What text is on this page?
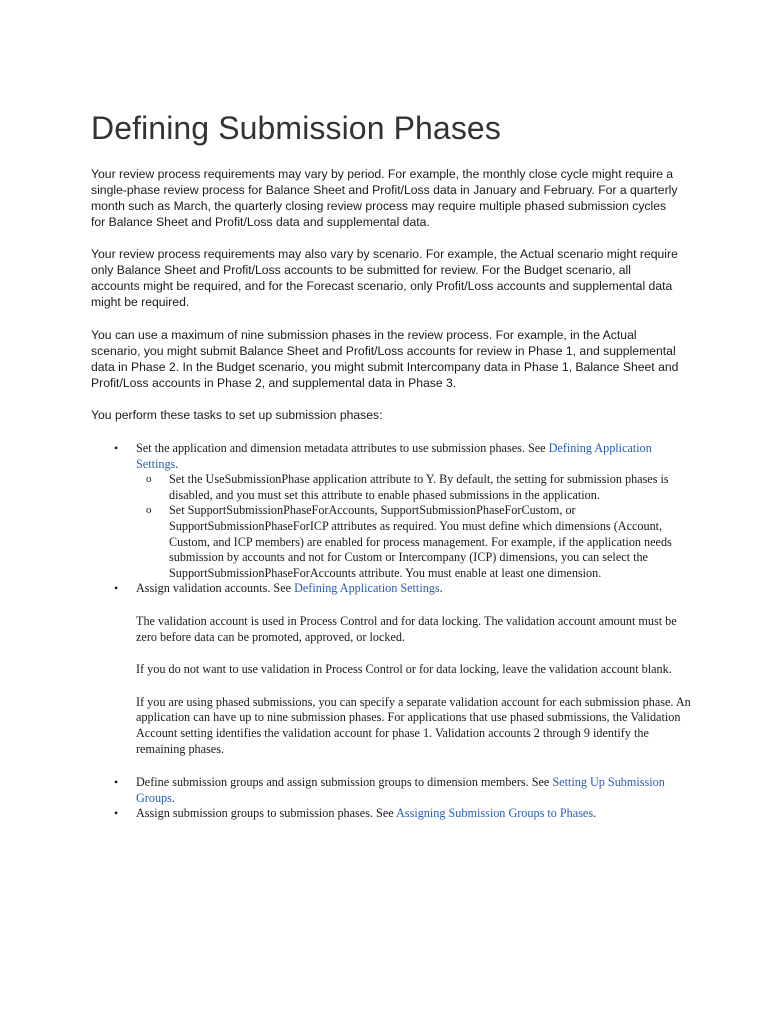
Defining Submission Phases

Your review process requirements may vary by period. For example, the monthly close cycle might require a single-phase review process for Balance Sheet and Profit/Loss data in January and February. For a quarterly month such as March, the quarterly closing review process may require multiple phased submission cycles for Balance Sheet and Profit/Loss data and supplemental data.

Your review process requirements may also vary by scenario. For example, the Actual scenario might require only Balance Sheet and Profit/Loss accounts to be submitted for review. For the Budget scenario, all accounts might be required, and for the Forecast scenario, only Profit/Loss accounts and supplemental data might be required.

You can use a maximum of nine submission phases in the review process. For example, in the Actual scenario, you might submit Balance Sheet and Profit/Loss accounts for review in Phase 1, and supplemental data in Phase 2. In the Budget scenario, you might submit Intercompany data in Phase 1, Balance Sheet and Profit/Loss accounts in Phase 2, and supplemental data in Phase 3.

You perform these tasks to set up submission phases:

• Set the application and dimension metadata attributes to use submission phases. See Defining Application Settings.
o Set the UseSubmissionPhase application attribute to Y. By default, the setting for submission phases is disabled, and you must set this attribute to enable phased submissions in the application.
o Set SupportSubmissionPhaseForAccounts, SupportSubmissionPhaseForCustom, or SupportSubmissionPhaseForICP attributes as required. You must define which dimensions (Account, Custom, and ICP members) are enabled for process management. For example, if the application needs submission by accounts and not for Custom or Intercompany (ICP) dimensions, you can select the SupportSubmissionPhaseForAccounts attribute. You must enable at least one dimension.
• Assign validation accounts. See Defining Application Settings.

The validation account is used in Process Control and for data locking. The validation account amount must be zero before data can be promoted, approved, or locked.

If you do not want to use validation in Process Control or for data locking, leave the validation account blank.

If you are using phased submissions, you can specify a separate validation account for each submission phase. An application can have up to nine submission phases. For applications that use phased submissions, the Validation Account setting identifies the validation account for phase 1. Validation accounts 2 through 9 identify the remaining phases.

• Define submission groups and assign submission groups to dimension members. See Setting Up Submission Groups.
• Assign submission groups to submission phases. See Assigning Submission Groups to Phases.
